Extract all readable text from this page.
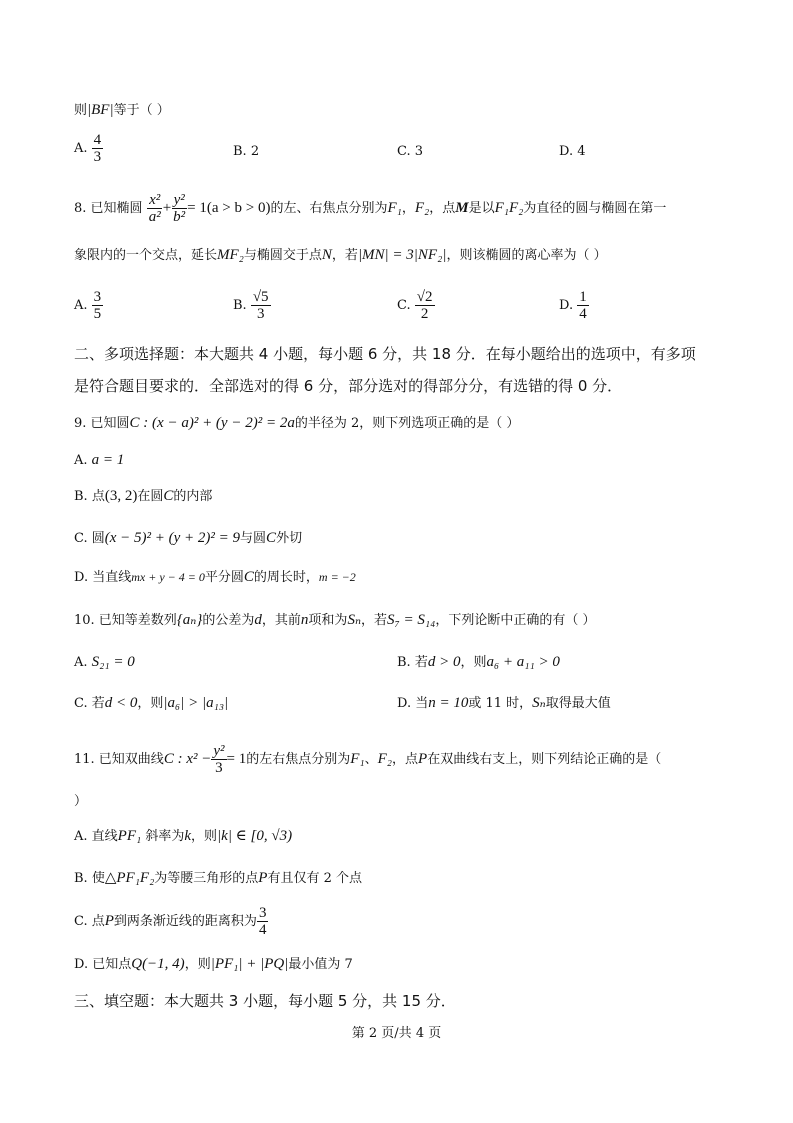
则|BF|等于（ ）
A. $\frac{4}{3}$	B. 2	C. 3	D. 4
8. 已知椭圆 $\frac{\text{x²}}{\text{a²}} + \frac{\text{y²}}{\text{b²}} = 1(a > b > 0)$的左、右焦点分别为F₁，F₂，点M是以F₁F₂为直径的圆与椭圆在第一
象限内的一个交点，延长MF₂与椭圆交于点N，若|MN| = 3|NF₂|，则该椭圆的离心率为（ ）
A. $\frac{3}{5}$	B. $\frac{√5}{3}$	C. $\frac{√2}{2}$	D. $\frac{1}{4}$
二、多项选择题：本大题共 4 小题，每小题 6 分，共 18 分．在每小题给出的选项中，有多项
是符合题目要求的．全部选对的得 6 分，部分选对的得部分分，有选错的得 0 分．
9. 已知圆C : (x − a)² + (y − 2)² = 2a的半径为 2，则下列选项正确的是（ ）
A. a = 1
B. 点(3, 2)在圆C的内部
C. 圆(x − 5)² + (y + 2)² = 9与圆C外切
D. 当直线mx + y − 4 = 0平分圆C的周长时，m = −2
10. 已知等差数列{aₙ}的公差为d，其前n项和为Sₙ，若S₇ = S₁₄，下列论断中正确的有（ ）
A. S₂₁ = 0	B. 若d > 0，则a₆ + a₁₁ > 0
C. 若d < 0，则|a₆| > |a₁₃|	D. 当n = 10或 11 时，Sₙ取得最大值
11. 已知双曲线C : $x^2 - \frac{\text{y²}}{3} = 1$的左右焦点分别为F₁、F₂，点P在双曲线右支上，则下列结论正确的是（
）
A. 直线PF₁ 斜率为k，则|k| ∈ [0, √3)
B. 使△PF₁F₂为等腰三角形的点P有且仅有 2 个点
C. 点P到两条渐近线的距离积为 $\frac{3}{4}$
D. 已知点Q(−1, 4)，则|PF₁| + |PQ|最小值为 7
三、填空题：本大题共 3 小题，每小题 5 分，共 15 分．
第 2 页/共 4 页
